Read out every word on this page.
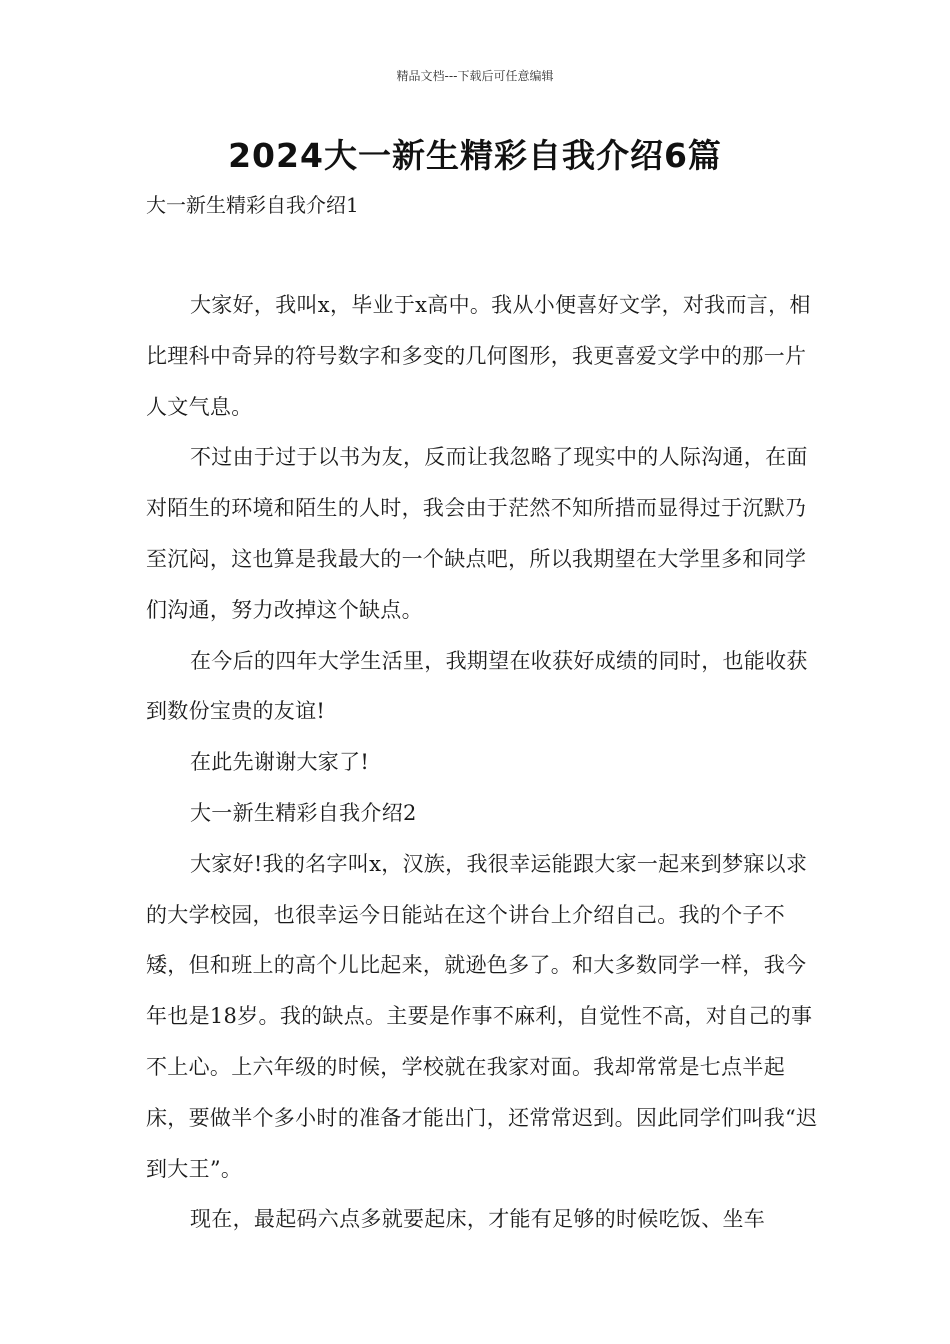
精品文档---下载后可任意编辑
2024大一新生精彩自我介绍6篇
大一新生精彩自我介绍1

大家好，我叫x，毕业于x高中。我从小便喜好文学，对我而言，相比理科中奇异的符号数字和多变的几何图形，我更喜爱文学中的那一片人文气息。

不过由于过于以书为友，反而让我忽略了现实中的人际沟通，在面对陌生的环境和陌生的人时，我会由于茫然不知所措而显得过于沉默乃至沉闷，这也算是我最大的一个缺点吧，所以我期望在大学里多和同学们沟通，努力改掉这个缺点。

在今后的四年大学生活里，我期望在收获好成绩的同时，也能收获到数份宝贵的友谊!

在此先谢谢大家了!

大一新生精彩自我介绍2

大家好!我的名字叫x，汉族，我很幸运能跟大家一起来到梦寐以求的大学校园，也很幸运今日能站在这个讲台上介绍自己。我的个子不矮，但和班上的高个儿比起来，就逊色多了。和大多数同学一样，我今年也是18岁。我的缺点。主要是作事不麻利，自觉性不高，对自己的事不上心。上六年级的时候，学校就在我家对面。我却常常是七点半起床，要做半个多小时的准备才能出门，还常常迟到。因此同学们叫我“迟到大王”。

现在，最起码六点多就要起床，才能有足够的时候吃饭、坐车
